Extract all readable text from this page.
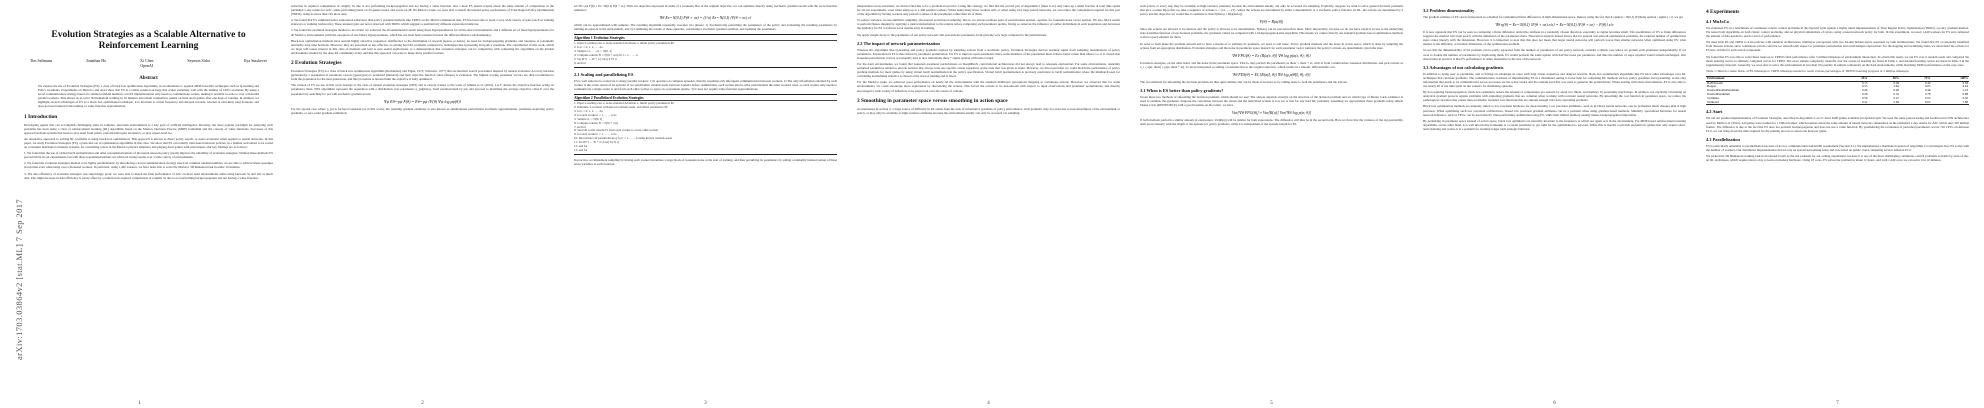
arXiv:1703.03864v2 [stat.ML] 7 Sep 2017
Evolution Strategies as a Scalable Alternative to Reinforcement Learning
Tim Salimans	Jonathan Ho	Xi Chen
OpenAI
Szymon Sidor	Ilya Sutskever
Abstract

We explore the use of Evolution Strategies (ES), a class of black box optimization algorithms, as an alternative to popular MDP-based RL techniques such as Q-learning and Policy Gradients. Experiments on MuJoCo and Atari show that ES is a viable solution strategy that scales extremely well with the number of CPUs available: By using a novel communication strategy based on common random numbers, our ES implementation only needs to communicate scalars, making it possible to scale to over a thousand parallel workers. This allows us to solve 3D humanoid walking in 10 minutes and obtain competitive results on most Atari games after one hour of training. In addition, we highlight several advantages of ES as a black box optimization technique: it is invariant to action frequency and delayed rewards, tolerant of extremely long horizons, and does not need temporal discounting or value function approximation.

1 Introduction

Developing agents that can accomplish challenging tasks in complex, uncertain environments is a key goal of artificial intelligence. Recently, the most popular paradigm for analyzing such problems has been using a class of reinforcement learning (RL) algorithms based on the Markov Decision Process (MDP) formalism and the concept of value functions. Successes of this approach include systems that learn to play Atari from pixels, perform helicopter aerobatics, or play expert-level Go.

An alternative approach to solving RL problems is using black-box optimization. This approach is known as direct policy search, or neuro-evolution when applied to neural networks. In this paper, we study Evolution Strategies (ES), a particular set of optimization algorithms in this class. We show that ES can reliably train neural network policies, in a fashion well suited to be scaled up to modern distributed computer systems, for controlling robots in the MuJoCo physics simulator and playing Atari games with pixel inputs. Our key findings are as follows:

1. We found that the use of virtual batch normalization and other reparameterizations of the neural network policy greatly improve the reliability of evolution strategies. Without these methods ES proved brittle in our experiments, but with these reparameterizations we achieved strong results over a wide variety of environments.

2. We found the evolution strategies method to be highly parallelizable: by introducing a novel communication strategy based on common random numbers, we are able to achieve linear speedups in run time even when using over a thousand workers. In particular, using 1,440 workers, we have been able to solve the MuJoCo 3D humanoid task in under 10 minutes.

3. The data efficiency of evolution strategies was surprisingly good: we were able to match the final performance of A3C on most Atari environments while using between 3x and 10x as much data. The slight decrease in data efficiency is partly offset by a reduction in required computation of roughly 3x due to not performing backpropagation and not having a value function.

1

reduction in required computation of roughly 3x due to not performing backpropagation and not having a value function. Our 1-hour ES results require about the same amount of computation as the published 1-day results for A3C, while performing better on 23 games tested, and worse on 28. On MuJoCo tasks, we were able to match the learned policy performance of Trust Region Policy Optimization (TRPO), using no more than 10x more data.

4. We found that ES exhibited better exploration behaviour than policy gradient methods like TRPO: on the MuJoCo humanoid task, ES has been able to learn a very wide variety of gaits (such as walking sideways or walking backwards). These unusual gaits are never observed with TRPO, which suggests a qualitatively different exploration behavior.

5. We found the evolution strategies method to be robust: we achieved the aforementioned results using fixed hyperparameters for all the Atari environments, and a different set of fixed hyperparameters for all MuJoCo environments (with the exception of one binary hyperparameter, which has not been held constant between the different MuJoCo environments).

Black-box optimization methods have several highly attractive properties: indifference to the distribution of rewards (sparse or dense), no need for backpropagating gradients, and tolerance of potentially arbitrarily long time horizons. However, they are perceived as less effective at solving hard RL problems compared to techniques like Q-learning and policy gradients. The contribution of this work, which we hope will renew interest in this class of methods and lead to new useful applications, is a demonstration that evolution strategies can be competitive with competing RL algorithms on the hardest environments studied by the deep RL community today, and that this approach can scale to many more parallel workers.

2 Evolution Strategies

Evolution Strategies (ES) is a class of black box optimization algorithms (Rechenberg and Eigen, 1973; Schwefel, 1977) that are heuristic search procedures inspired by natural evolution: At every iteration (generation), a population of parameter vectors (genotypes) is perturbed (mutated) and their objective function value (fitness) is evaluated. The highest scoring parameter vectors are then recombined to form the population for the next generation, and this procedure is iterated until the objective is fully optimized.

The version of ES we use in this work belongs to the class of natural evolution strategies (NES) and is closely related to the work of Sehnke et al. (2010). Let F denote the objective function acting on parameters theta. NES algorithms represent the population with a distribution over parameters p_psi(theta), itself parameterized by psi, and proceed to maximize the average objective value E over the population by searching for psi with stochastic gradient ascent.

∇ψ Eθ∼pψ F(θ) = Eθ∼pψ {F(θ) ∇ψ log pψ(θ)}

For the special case where p_psi is factored Gaussian (as in this work), the resulting gradient estimator is also known as simultaneous perturbation stochastic approximation, parameter-exploring policy gradients, or zero-order gradient estimation.

2

set Eθ∼pψ F(θ) = Eε∼N(0,I) F(θ + σε). With our objective expressed in terms of a Gaussian blur of the original objective, we can optimize directly using stochastic gradient ascent with the score function estimator:

∇θ Eε∼N(0,I) F(θ + σε) = (1/σ) Eε∼N(0,I) {F(θ + σε) ε}

which can be approximated with samples. The resulting algorithm repeatedly executes two phases: 1) Stochastically perturbing the parameters of the policy and evaluating the resulting parameters by running an episode in the environment, and 2) Combining the results of these episodes, calculating a stochastic gradient estimate, and updating the parameters.

Algorithm 1 Evolution Strategies
1: Input: Learning rate α, noise standard deviation σ, initial policy parameters θ0
2: for t = 0, 1, 2, . . . do
3: Sample ε1, . . . εn ∼ N(0, I)
4: Compute returns Fi = F(θt + σεi) for i = 1, . . . , n
5: Set θt+1 ← θt + α (1/nσ) Σ Fi εi
6: end for
2.1 Scaling and parallelizing ES

ES is well suited to be scaled up to many parallel workers: 1) It operates on complete episodes, thereby requiring only infrequent communication between workers. 2) The only information obtained by each worker is the scalar return of an episode: if we synchronize random seeds between workers before optimization, each worker knows what perturbations the other workers used, so each worker only needs to communicate a single scalar to and from each other worker to agree on a parameter update. 3) It does not require value function approximations.

Algorithm 2 Parallelized Evolution Strategies
1: Input: Learning rate α, noise standard deviation σ, initial policy parameters θ0
2: Initialize: n workers with known random seeds, and initial parameters θ0
3: for t = 0, 1, 2, . . . do
4: for each worker i = 1, . . . , n do
5: Sample εi ∼ N(0, I)
6: Compute returns Fi = F(θt + σεi)
7: end for
8: Send all scalar returns Fi from each worker to every other worker
9: for each worker i = 1, . . . , n do
10: Reconstruct all perturbations εj for j = 1, . . . , n using known random seeds
11: Set θt+1 ← θt + α (1/nσ) Σj Fj εj
12: end for
13: end for

In practice, we implement sampling by having each worker instantiate a large block of Gaussian noise at the start of training, and then perturbing its parameters by adding a randomly indexed subset of these noise variables at each iteration.

3

independent across iterations, we did not find this to be a problem in practice. Using this strategy, we find that the second part of Algorithm 2 (lines 9-12) only takes up a small fraction of total time spend for all our experiments, even when using up to 1,440 parallel workers. When using many more workers still, or when using very large neural networks, we can reduce the computation required for this part of the algorithm by having workers only perturb a subset of the parameters rather than all of them.

To reduce variance, we use antithetic sampling, also known as mirrored sampling, that is, we always evaluate pairs of perturbations epsilon, -epsilon, for Gaussian noise vector epsilon. We also find it useful to perform fitness shaping by applying a rank transformation to the returns before computing each parameter update. Doing so removes the influence of outlier individuals in each population and decreases the tendency for ES to fall into local optima early in training.

We apply weight decay to the parameters of our policy network: this prevents the parameters from growing very large compared to the perturbations.

2.2 The impact of network parameterization

Whereas RL algorithms like Q-learning and policy gradients explore by sampling actions from a stochastic policy, Evolution Strategies derives learning signal from sampling instantiations of policy parameters. Exploration in ES is thus driven by parameter perturbation. For ES to improve upon parameters theta, some members of the population must achieve better return than others: i.e. it is crucial that Gaussian perturbation vectors occasionally lead to new individuals theta + sigma epsilon with better return.

For the Atari environments, we found that Gaussian parameter perturbations on DeepMind's convolutional architectures did not always lead to adequate exploration: For some environments, randomly perturbed parameters tended to encode policies that always took one specific action regardless of the state that was given as input. However, we discovered that we could match the performance of policy gradient methods for most games by using virtual batch normalization in the policy specification. Virtual batch normalization is precisely equivalent to batch normalization where the minibatch used for calculating normalizing statistics is chosen at the start of training and is fixed.

For the MuJoCo tasks, we achieved good performance on nearly all the environments with the standard multilayer perceptrons mapping to continuous actions. However, we observed that for some environments, we could encourage more exploration by discretizing the actions. This forced the actions to be non-smooth with respect to input observations and parameter perturbations, and thereby encouraged a wide variety of behaviors to be played out over the course of rollouts.

3 Smoothing in parameter space versus smoothing in action space

As mentioned in section 2, a large source of difficulty in RL stems from the lack of informative gradients of policy performance: such gradients may not exist due to non-smoothness of the environment or policy, or may only be available as high-variance estimates because the environment usually can only be accessed via sampling.

4

each action, or every step may be available as high-variance estimates because the environment usually can only be accessed via sampling. Explicitly, suppose we wish to solve general decision problems that give a return R(a) after we take a sequence of actions a = {a1, ..., aT}, where the actions are determined by either a deterministic or a stochastic policy function. In RL, the actions are determined by a policy and the objective we would like to optimize is thus F(theta) = R(a(theta)).

F(θ) = R(a(θ))

Since the actions are allowed to be discrete and the policy is allowed to be deterministic, F(theta) can be non-smooth in theta. More importantly, because we do not have explicit access to the underlying state transition function of our decision problems, the gradients cannot be computed with a backpropagation-like algorithm. This means we cannot directly use standard gradient-based optimization methods to find a good solution for theta.

In order to both make the problem smooth and to have a means of to estimate its gradients, we need to add noise. Policy gradient methods add the noise in action space, which is done by sampling the actions from an appropriate distribution. Evolution strategies add the noise in parameter space instead: for each parameter vector sampled, the policy's actions are deterministic given the state.

∇θ FPG(θ) = Eε {R(a(ε, θ)) ∇θ log p(a(ε, θ); θ)}

Evolution strategies, on the other hand, add the noise in the parameter space. That is, they perturb the parameters as theta' = theta + xi, with xi from a multivariate Gaussian distribution, and pick actions as a_t = a(xi, theta) = pi(s; theta + xi). It can be interpreted as adding a Gaussian blur to the original objective, which results in a smooth, differentiable cost.

∇θ FES(θ) = Eξ {R(a(ξ, θ)) ∇θ log p(θ̃(ξ, θ); θ)}

The two methods for smoothing the decision problem are thus quite similar, and can be made even more so by adding noise to both the parameters and the actions.

3.1 When is ES better than policy gradients?

Given these two methods of smoothing the decision problem, which should we use? The answer depends strongly on the structure of the decision problem and on which type of Monte Carlo estimator is used to estimate the gradients. Suppose the correlation between the return and the individual actions is low (as is true for any hard RL problem). Assuming we approximate these gradients using simple Monte Carlo (REINFORCE) with a good baseline on the return, we have

Var[∇θ FPG(θ)] ≈ Var[R(a)] Var[∇θ log p(a; θ)]

If both methods perform a similar amount of exploration, Var[R(a)] will be similar for both expressions. The difference will thus be in the second term. Here we have that the variance of the log-probability term grows linearly with the length of the episode for policy gradients, while it is independent of the episode length for ES.

5
3.2 Problem dimensionality

The gradient estimate of ES can be interpreted as a method for randomized finite differences in high-dimensional space. Indeed, using the fact that E epsilon ~ N(0,I) {F(theta) epsilon / sigma} = 0, we get

∇θ η(θ) = Eε∼N(0,I) {F(θ + σε) ε/σ} = Eε∼N(0,I) {F(θ + σε) − F(θ)} ε/σ

It is now apparent that ES can be seen as computing a finite difference derivative estimate in a randomly chosen direction, especially as sigma becomes small. The resemblance of ES to finite differences suggests the method will scale poorly with the dimension of the parameters theta. Theoretical analysis indeed shows that for general non-smooth optimization problems, the required number of optimization steps scales linearly with the dimension. However, it is important to note that this does not mean that larger neural networks will perform worse than smaller networks when optimized using ES: what matters is the difficulty, or intrinsic dimension, of the optimization problem.

To see that the dimensionality of the problem can be partly separated from the number of parameters of our policy network, consider a simple case where we perturb each parameter independently. If we were to double the number of parameters by duplicating them, ES would perform the same update with half the noise per parameter, and thus the number of steps required would remain unchanged. Our observation in practice is that ES performance is rather insensitive to the size of the network.

3.3 Advantages of not calculating gradients

In addition to being easy to parallelize, and to having an advantage in cases with long action sequences and delayed rewards, black box optimization algorithms like ES have other advantages over RL techniques that calculate gradients. The communication overhead of implementing ES in a distributed setting is lower than for competing RL methods such as policy gradients and Q-learning, as the only information that needs to be communicated across processes are the scalar return and the random seed that was used to generate the perturbations. When dealing with ideal environments, ES is also able to use nearly all of the time spent on the workers for simulating episodes.

By not requiring backpropagation, black box optimizers reduce the amount of computation per episode by about two thirds, and memory by potentially much more. In addition, not explicitly calculating an analytical gradient protects against problems with exploding gradients that are common when working with recurrent neural networks. By smoothing the cost function in parameter space, we reduce the pathological curvature that causes these problems: bounded cost functions that are smooth enough can't have exploding gradients.

Black box optimization methods are uniquely suited to low precision hardware for deep learning. Low precision arithmetic, such as in binary neural networks, can be performed much cheaper than at high precision. When optimizing such low precision architectures, biased low precision gradient estimates can be a problem when using gradient-based methods. Similarly, specialized hardware for neural network inference, such as TPUs, can be used directly when performing optimization using ES, while their limited memory usually makes backpropagation impossible.

By perturbing in parameter space instead of action space, black box optimizers are naturally invariant to the frequency at which our agent acts in the environment. For MDP-based reinforcement learning algorithms, on the other hand, it is well known that frameskip is a crucial parameter to get right for the optimization to succeed. While this is usually a solvable problem for games that only require short-term planning and action, it is a problem for learning longer term strategic behavior.

6
4 Experiments
4.1 MuJoCo

We evaluated ES on a benchmark of continuous robotic control problems in the OpenAI Gym against a highly tuned implementation of Trust Region Policy Optimization (TRPO), a policy gradient method. We tested both algorithms on both classic control problems, and on physical simulations of robots, using a neural network policy for both. In this experiment, we used 1,440 workers for ES and compared the amount of data needed to reach a level of performance.

We used both ES and TRPO to train policies with identical architectures: multilayer perceptrons with two 64-unit hidden layers separated by tanh nonlinearities. We found that ES occasionally benefited from discrete actions, since continuous actions could be too smooth with respect to parameter perturbation and could hamper exploration. For the hopping and swimming tasks, we discretized the actions for ES into 10 bins for each action component.

We found that ES was able to solve these tasks up to TRPO's final performance after 5 million timesteps of environment interaction. To obtain this result, we ran ES over 6 random seeds and compared the mean learning curves to similarly computed curves for TRPO. The exact sample complexity tradeoffs over the course of learning are listed in Table 1, and detailed learning curves are listed in Table 3 in the supplementary material. Generally, we were able to solve the environments in less than 10x penalty in sample complexity on the hard environments, while matching TRPO performance on the easy ones.

Table 1: MuJoCo tasks: Ratio of ES timesteps to TRPO timesteps needed to reach various percentages of TRPO's learning progress at 5 million timesteps.
Environment	25%	50%	75%	100%
HalfCheetah	0.15	0.49	0.42	0.58
Hopper	0.53	3.64	6.05	6.94
InvertedDoublePendulum	0.46	0.48	0.49	1.23
InvertedPendulum	0.28	0.52	0.78	0.88
Swimmer	0.56	0.47	0.53	0.30
Walker2d	0.41	5.69	8.02	7.88
4.2 Atari

We ran our parallel implementation of Evolution Strategies, described in Algorithm 2, on 51 Atari 2600 games available in OpenAI Gym. We used the same preprocessing and feedforward CNN architecture used by Mnih et al. (2016). All games were trained for 1 billion frames, which requires about the same amount of neural network computation as the published 1-day results for A3C which uses 320 million frames. The difference is due to the fact that ES does not perform backpropagation and does not use a value function. By parallelizing the evaluation of perturbed parameters across 720 CPUs on Amazon EC2, we can bring down the time required for the training process to about one hour per game.

4.3 Parallelization

ES is particularly amenable to parallelization because of its low communication bandwidth requirement (Section 2.1). We implemented a distributed version of Algorithm 2 to investigate how ES scales with the number of workers. Our distributed implementation did not rely on special networking setup and was tested on public cloud computing service Amazon EC2.

We picked the 3D Humanoid walking task from OpenAI Gym as the test problem for our scaling experiment, because it is one of the most challenging continuous control problems solvable by state-of-the-art RL techniques, which require about a day to learn on modern hardware. Using 18 cores, ES solves the problem in about 11 hours, and with 1,440 cores we can solve it in 10 minutes.

7
